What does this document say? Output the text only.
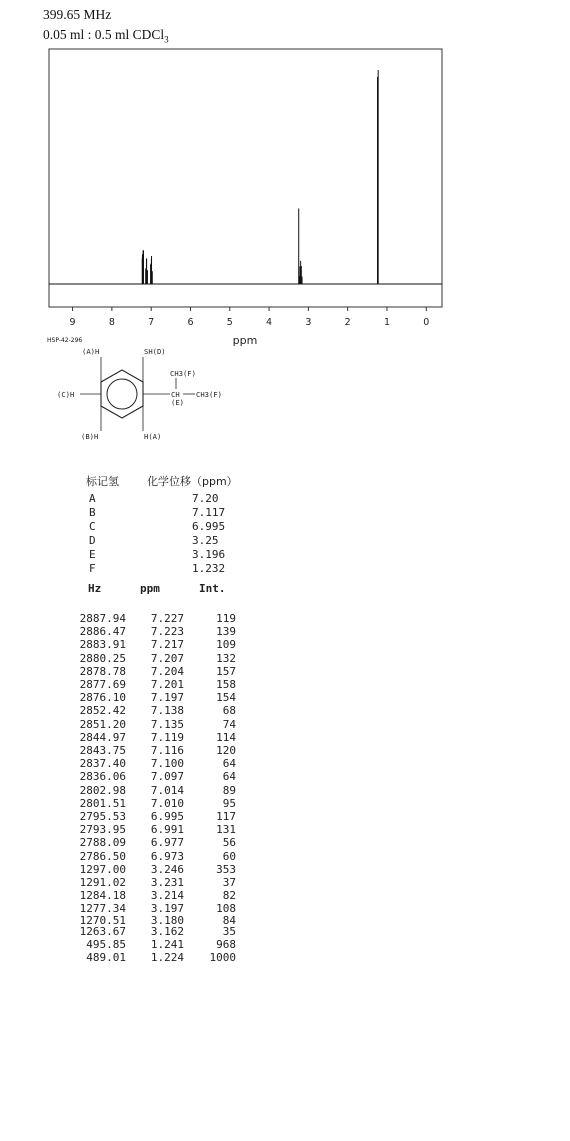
399.65 MHz
0.05 ml : 0.5 ml CDCl$_3$
9	8	7	6	5	4	3	2	1	0
ppm
(A)H	SH(D)
CH3(F)
(C)H	CH CH3(F)
(E)
(B)H	H(A)
HSP-42-296
标记氢	化学位移（ppm）
A	7.20
B	7.117
C	6.995
D	3.25
E	3.196
F	1.232
Hz	ppm	Int.
2887.94	7.227	119
2886.47	7.223	139
2883.91	7.217	109
2880.25	7.207	132
2878.78	7.204	157
2877.69	7.201	158
2876.10	7.197	154
2852.42	7.138	68
2851.20	7.135	74
2844.97	7.119	114
2843.75	7.116	120
2837.40	7.100	64
2836.06	7.097	64
2802.98	7.014	89
2801.51	7.010	95
2795.53	6.995	117
2793.95	6.991	131
2788.09	6.977	56
2786.50	6.973	60
1297.00	3.246	353
1291.02	3.231	37
1284.18	3.214	82
1277.34	3.197	108
1270.51	3.180	84
1263.67	3.162	35
495.85	1.241	968
489.01	1.224	1000
